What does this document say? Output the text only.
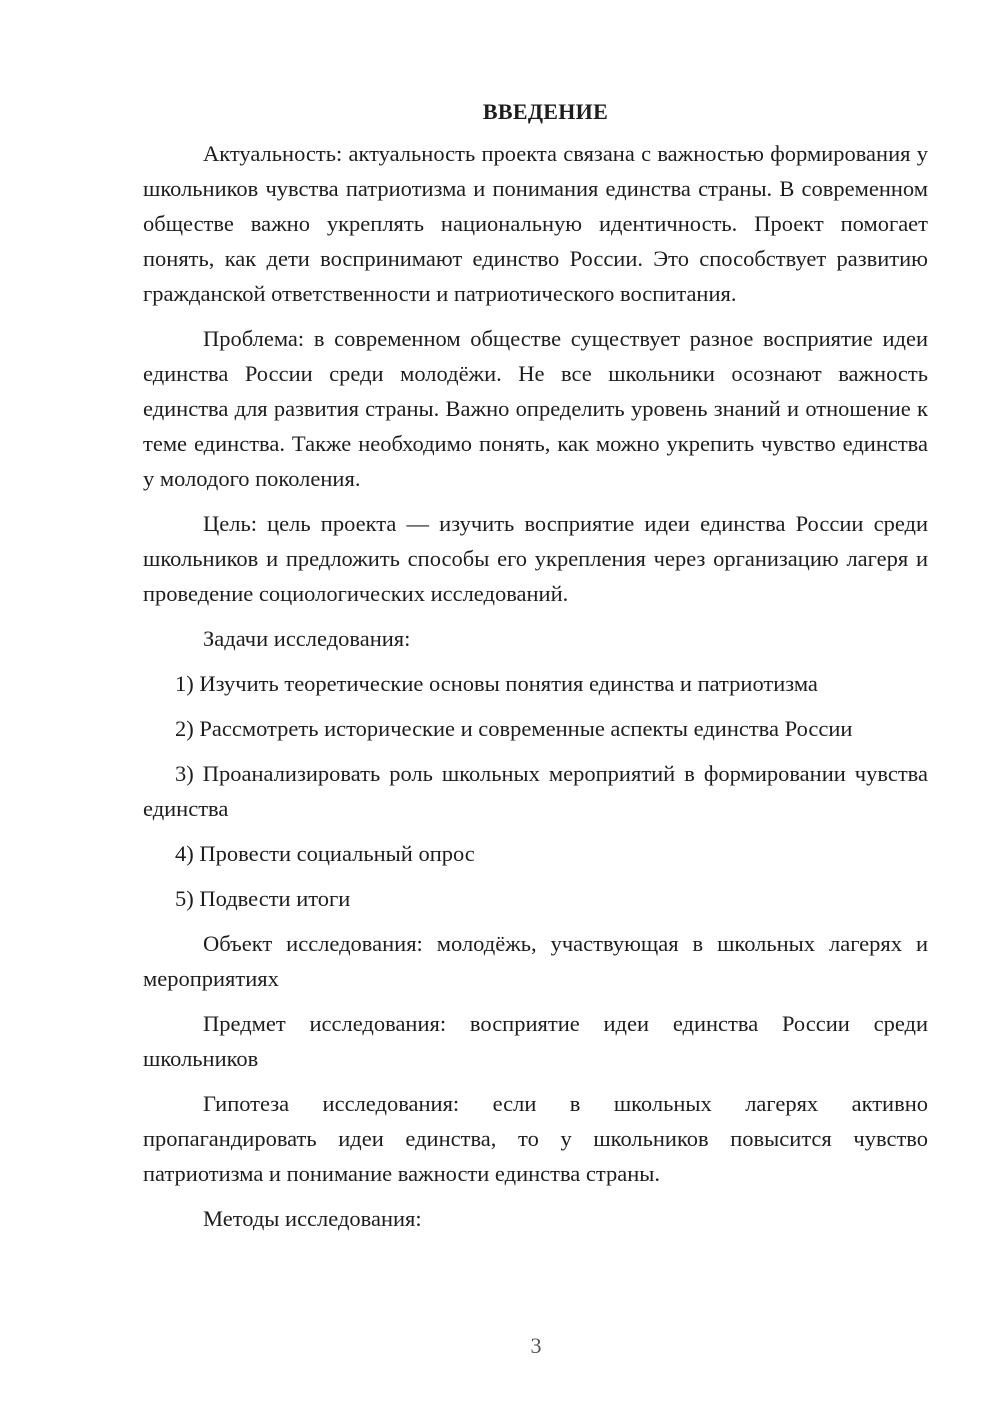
ВВЕДЕНИЕ

Актуальность: актуальность проекта связана с важностью формирования у школьников чувства патриотизма и понимания единства страны. В современном обществе важно укреплять национальную идентичность. Проект помогает понять, как дети воспринимают единство России. Это способствует развитию гражданской ответственности и патриотического воспитания.

Проблема: в современном обществе существует разное восприятие идеи единства России среди молодёжи. Не все школьники осознают важность единства для развития страны. Важно определить уровень знаний и отношение к теме единства. Также необходимо понять, как можно укрепить чувство единства у молодого поколения.

Цель: цель проекта — изучить восприятие идеи единства России среди школьников и предложить способы его укрепления через организацию лагеря и проведение социологических исследований.

Задачи исследования:

1) Изучить теоретические основы понятия единства и патриотизма

2) Рассмотреть исторические и современные аспекты единства России

3) Проанализировать роль школьных мероприятий в формировании чувства единства

4) Провести социальный опрос

5) Подвести итоги

Объект исследования: молодёжь, участвующая в школьных лагерях и мероприятиях

Предмет исследования: восприятие идеи единства России среди школьников

Гипотеза исследования: если в школьных лагерях активно пропагандировать идеи единства, то у школьников повысится чувство патриотизма и понимание важности единства страны.

Методы исследования:

3
